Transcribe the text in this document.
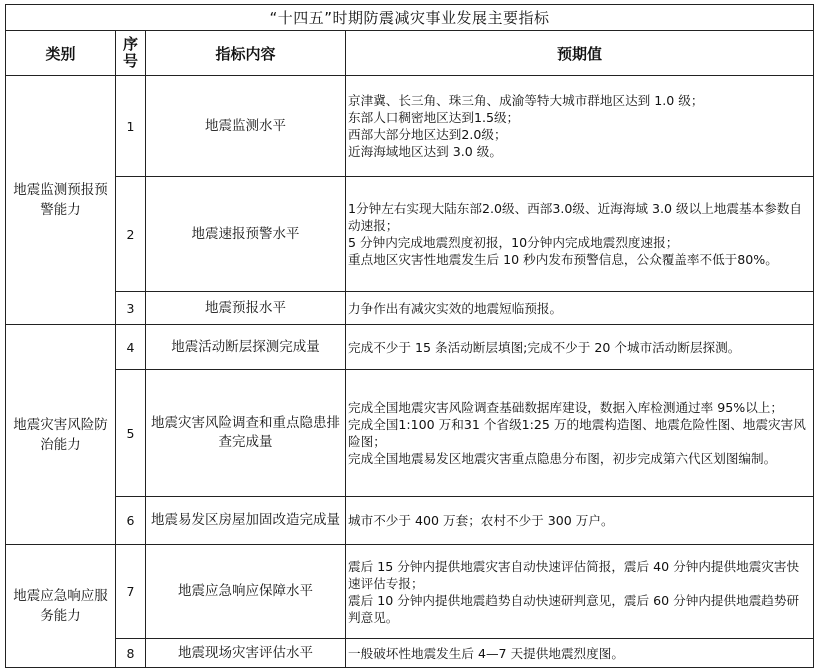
“十四五”时期防震减灾事业发展主要指标			
类别	序号	指标内容	预期值
地震监测预报预警能力	1	地震监测水平	京津冀、长三角、珠三角、成渝等特大城市群地区达到 1.0 级；
东部人口稠密地区达到1.5级；
西部大部分地区达到2.0级；
近海海域地区达到 3.0 级。

	2	地震速报预警水平	1分钟左右实现大陆东部2.0级、西部3.0级、近海海域 3.0 级以上地震基本参数自动速报；
5 分钟内完成地震烈度初报，10分钟内完成地震烈度速报；
重点地区灾害性地震发生后 10 秒内发布预警信息，公众覆盖率不低于80%。

	3	地震预报水平	力争作出有减灾实效的地震短临预报。

地震灾害风险防治能力	4	地震活动断层探测完成量	完成不少于 15 条活动断层填图;完成不少于 20 个城市活动断层探测。

	5	地震灾害风险调查和重点隐患排查完成量	完成全国地震灾害风险调查基础数据库建设，数据入库检测通过率 95%以上；
完成全国1:100 万和31 个省级1:25 万的地震构造图、地震危险性图、地震灾害风险图；
完成全国地震易发区地震灾害重点隐患分布图，初步完成第六代区划图编制。

	6	地震易发区房屋加固改造完成量	城市不少于 400 万套；农村不少于 300 万户。

地震应急响应服务能力	7	地震应急响应保障水平	震后 15 分钟内提供地震灾害自动快速评估简报，震后 40 分钟内提供地震灾害快速评估专报；
震后 10 分钟内提供地震趋势自动快速研判意见，震后 60 分钟内提供地震趋势研判意见。

	8	地震现场灾害评估水平	一般破坏性地震发生后 4—7 天提供地震烈度图。
